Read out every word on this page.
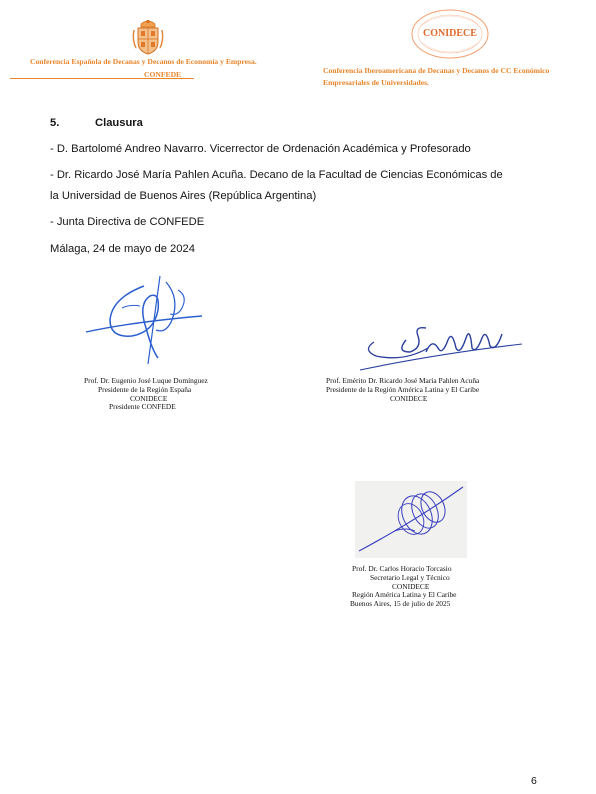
Conferencia Española de Decanas y Decanos de Economía y Empresa.
CONFEDE
CONIDECE
Conferencia Iberoamericana de Decanas y Decanos de CC Económico
Empresariales de Universidades.
5.	Clausura
- D. Bartolomé Andreo Navarro. Vicerrector de Ordenación Académica y Profesorado
- Dr. Ricardo José María Pahlen Acuña. Decano de la Facultad de Ciencias Económicas de
la Universidad de Buenos Aires (República Argentina)
- Junta Directiva de CONFEDE
Málaga, 24 de mayo de 2024
Prof. Dr. Eugenio José Luque Domínguez
Presidente de la Región España
CONIDECE
Presidente CONFEDE
Prof. Emérito Dr. Ricardo José María Pahlen Acuña
Presidente de la Región América Latina y El Caribe
CONIDECE
Prof. Dr. Carlos Horacio Torcasio
Secretario Legal y Técnico
CONIDECE
Región América Latina y El Caribe
Buenos Aires, 15 de julio de 2025
6
